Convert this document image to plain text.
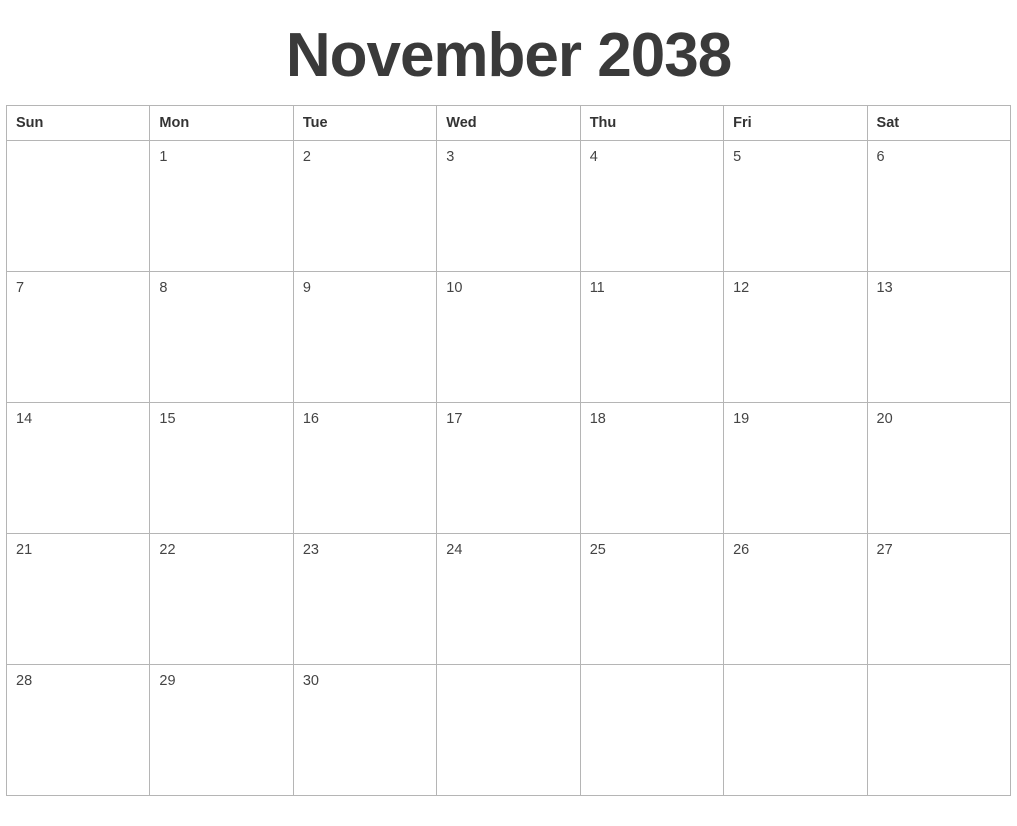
November 2038
Sun	Mon	Tue	Wed	Thu	Fri	Sat

	1	2	3	4	5	6

7	8	9	10	11	12	13

14	15	16	17	18	19	20

21	22	23	24	25	26	27

28	29	30				
